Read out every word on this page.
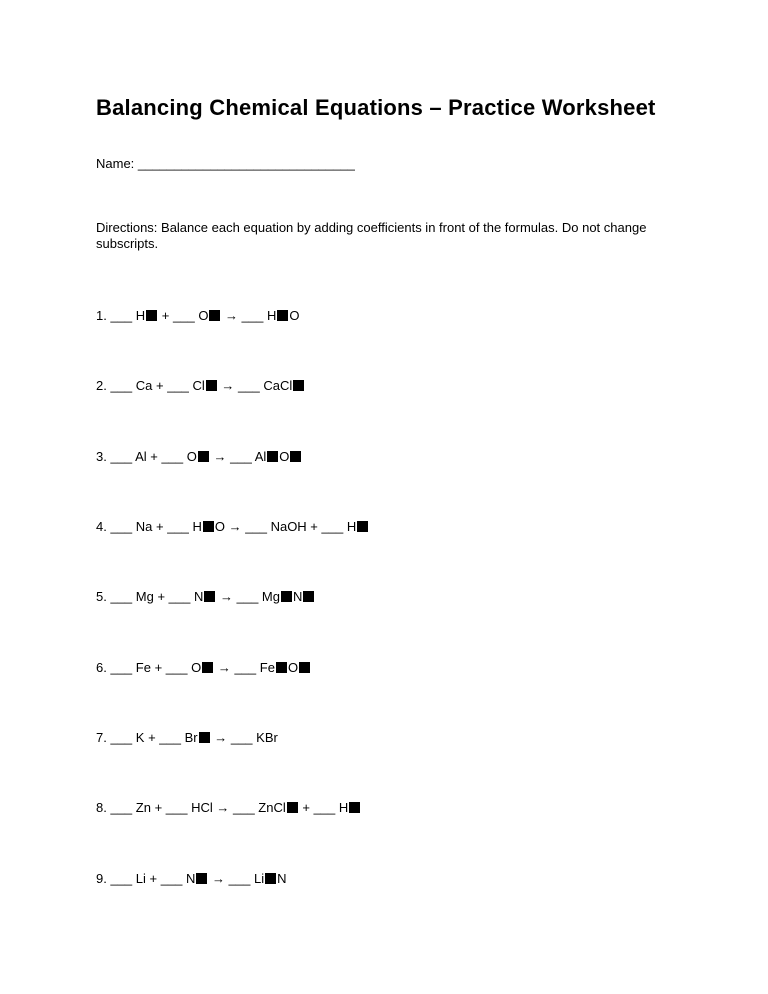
Balancing Chemical Equations – Practice Worksheet
Name: ______________________________

Directions: Balance each equation by adding coefficients in front of the formulas. Do not change subscripts.

1. ___ H + ___ O → ___ H O
2. ___ Ca + ___ Cl → ___ CaCl
3. ___ Al + ___ O → ___ Al O
4. ___ Na + ___ H O → ___ NaOH + ___ H
5. ___ Mg + ___ N → ___ Mg N
6. ___ Fe + ___ O → ___ Fe O
7. ___ K + ___ Br → ___ KBr
8. ___ Zn + ___ HCl → ___ ZnCl + ___ H
9. ___ Li + ___ N → ___ Li N
